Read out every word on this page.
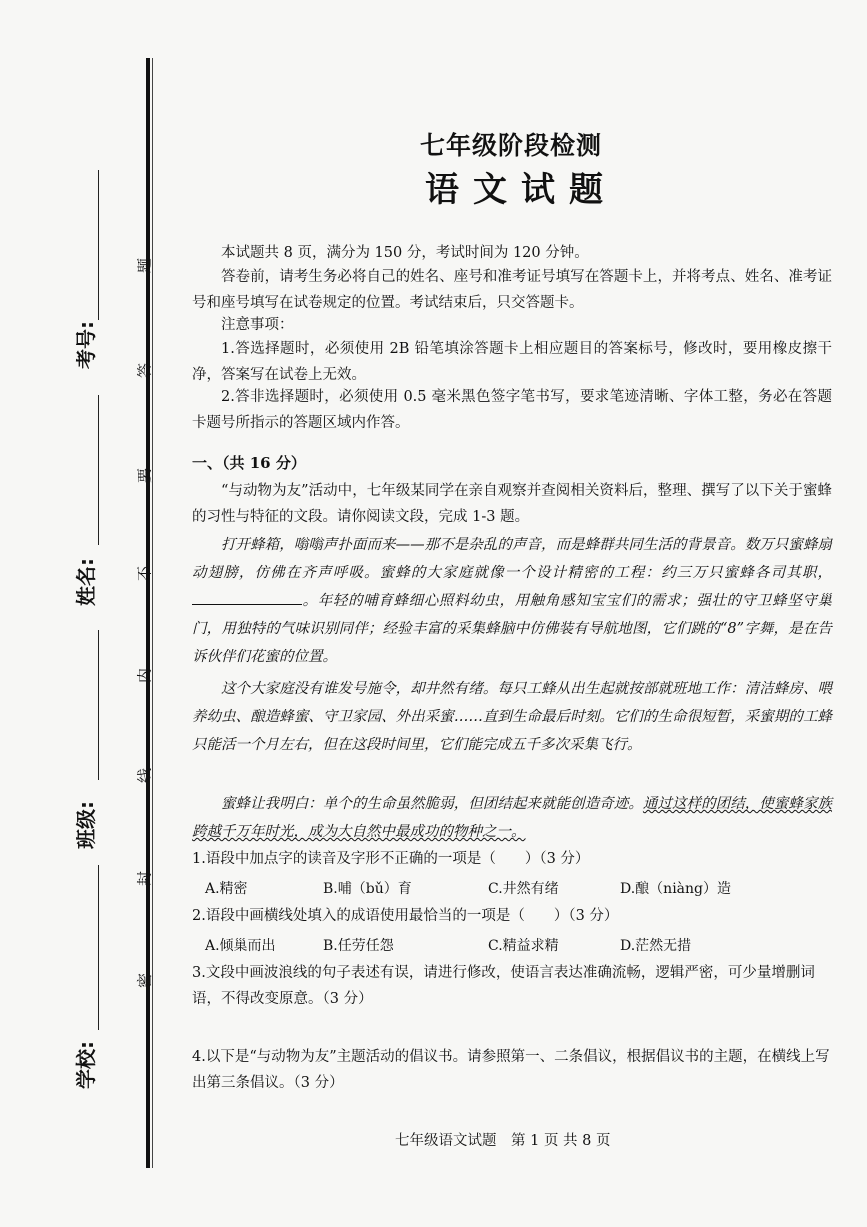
考号:
姓名:
班级:
学校:
题
答
要
不
内
线
封
密
七年级阶段检测
语文试题
本试题共 8 页，满分为 150 分，考试时间为 120 分钟。
答卷前，请考生务必将自己的姓名、座号和准考证号填写在答题卡上，并将考点、姓名、准考证号和座号填写在试卷规定的位置。考试结束后，只交答题卡。
注意事项：
1.答选择题时，必须使用 2B 铅笔填涂答题卡上相应题目的答案标号，修改时，要用橡皮擦干净，答案写在试卷上无效。
2.答非选择题时，必须使用 0.5 毫米黑色签字笔书写，要求笔迹清晰、字体工整，务必在答题卡题号所指示的答题区域内作答。
一、（共 16 分）
“与动物为友”活动中，七年级某同学在亲自观察并查阅相关资料后，整理、撰写了以下关于蜜蜂的习性与特征的文段。请你阅读文段，完成 1-3 题。
打开蜂箱，嗡嗡声扑面而来——那不是杂乱的声音，而是蜂群共同生活的背景音。数万只蜜蜂扇动翅膀，仿佛在齐声呼吸。蜜蜂的大家庭就像一个设计精密的工程：约三万只蜜蜂各司其职，。年轻的哺育蜂细心照料幼虫，用触角感知宝宝们的需求；强壮的守卫蜂坚守巢门，用独特的气味识别同伴；经验丰富的采集蜂脑中仿佛装有导航地图，它们跳的“8”字舞，是在告诉伙伴们花蜜的位置。
这个大家庭没有谁发号施令，却井然有绪。每只工蜂从出生起就按部就班地工作：清洁蜂房、喂养幼虫、酿造蜂蜜、守卫家园、外出采蜜……直到生命最后时刻。它们的生命很短暂，采蜜期的工蜂只能活一个月左右，但在这段时间里，它们能完成五千多次采集飞行。
蜜蜂让我明白：单个的生命虽然脆弱，但团结起来就能创造奇迹。通过这样的团结，使蜜蜂家族跨越千万年时光，成为大自然中最成功的物种之一。
1.语段中加点字的读音及字形不正确的一项是（　　）（3 分）
A.精密	B.哺（bǔ）育	C.井然有绪	D.酿（niàng）造
2.语段中画横线处填入的成语使用最恰当的一项是（　　）（3 分）
A.倾巢而出	B.任劳任怨	C.精益求精	D.茫然无措
3.文段中画波浪线的句子表述有误，请进行修改，使语言表达准确流畅，逻辑严密，可少量增删词语，不得改变原意。（3 分）
4.以下是“与动物为友”主题活动的倡议书。请参照第一、二条倡议，根据倡议书的主题，在横线上写出第三条倡议。（3 分）
七年级语文试题　第 1 页 共 8 页
